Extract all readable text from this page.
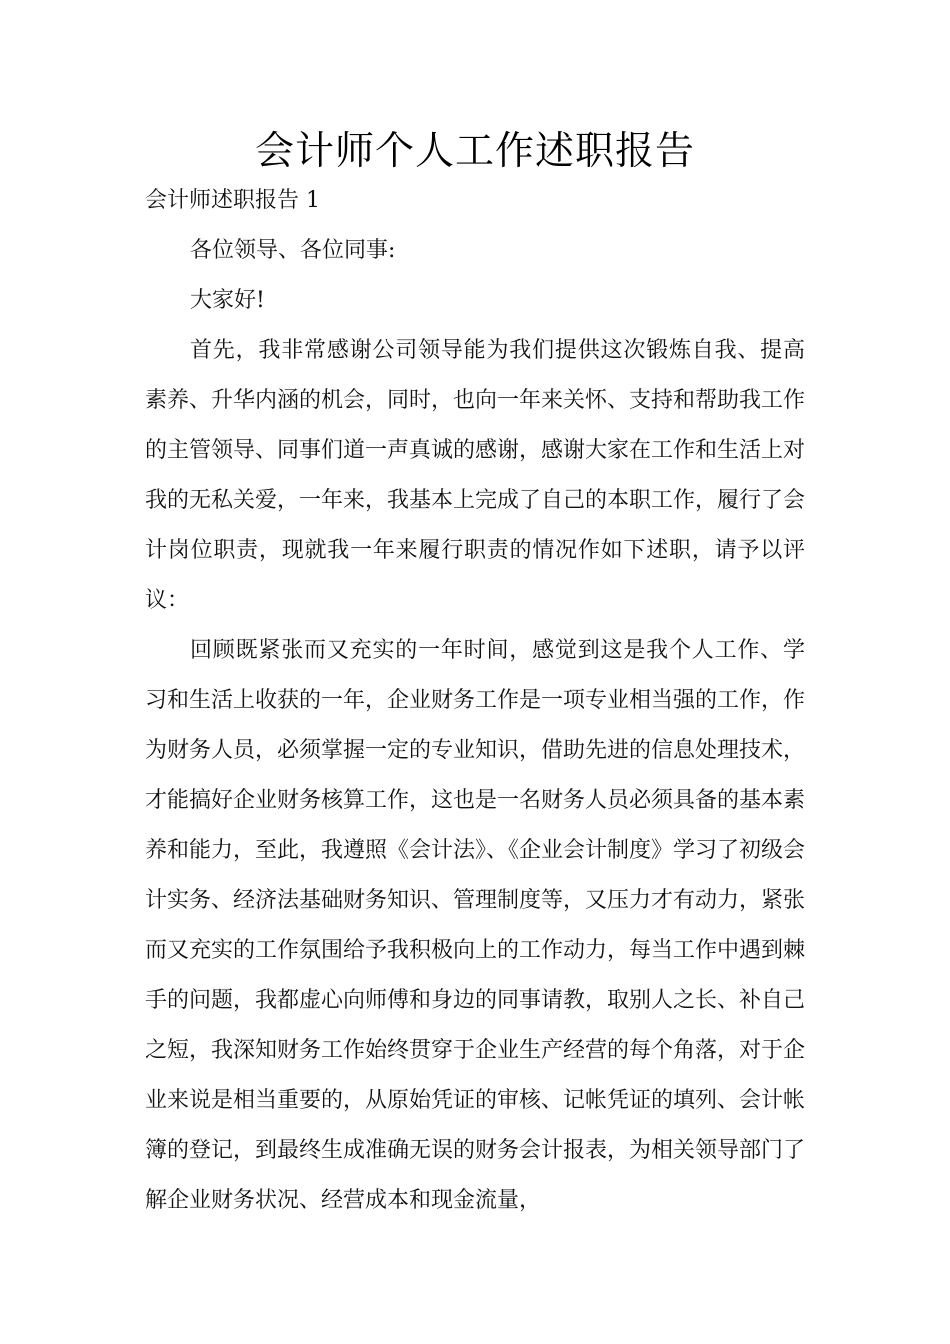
会计师个人工作述职报告

会计师述职报告 1

各位领导、各位同事:

大家好!

首先，我非常感谢公司领导能为我们提供这次锻炼自我、提高素养、升华内涵的机会，同时，也向一年来关怀、支持和帮助我工作的主管领导、同事们道一声真诚的感谢，感谢大家在工作和生活上对我的无私关爱，一年来，我基本上完成了自己的本职工作，履行了会计岗位职责，现就我一年来履行职责的情况作如下述职，请予以评议：

回顾既紧张而又充实的一年时间，感觉到这是我个人工作、学习和生活上收获的一年，企业财务工作是一项专业相当强的工作，作为财务人员，必须掌握一定的专业知识，借助先进的信息处理技术，才能搞好企业财务核算工作，这也是一名财务人员必须具备的基本素养和能力，至此，我遵照《会计法》、《企业会计制度》学习了初级会计实务、经济法基础财务知识、管理制度等，又压力才有动力，紧张而又充实的工作氛围给予我积极向上的工作动力，每当工作中遇到棘手的问题，我都虚心向师傅和身边的同事请教，取别人之长、补自己之短，我深知财务工作始终贯穿于企业生产经营的每个角落，对于企业来说是相当重要的，从原始凭证的审核、记帐凭证的填列、会计帐簿的登记，到最终生成准确无误的财务会计报表，为相关领导部门了解企业财务状况、经营成本和现金流量，
